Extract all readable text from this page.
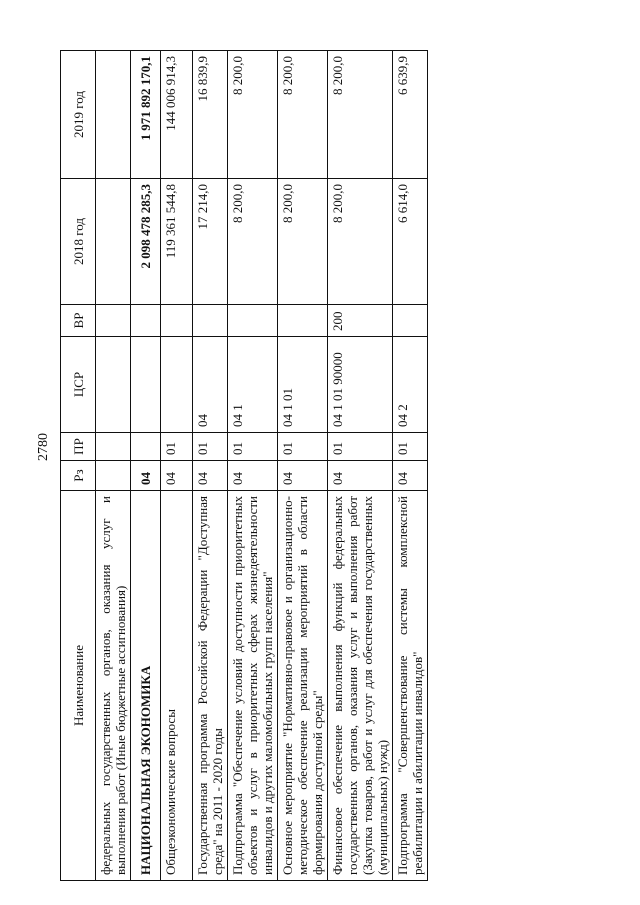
2780
Наименование	Рз	ПР	ЦСР	ВР	2018 год	2019 год
федеральных государственных органов, оказания услуг и выполнения работ (Иные бюджетные ассигнования)						
НАЦИОНАЛЬНАЯ ЭКОНОМИКА	04				2 098 478 285,3	1 971 892 170,1
Общеэкономические вопросы	04	01			119 361 544,8	144 006 914,3
Государственная программа Российской Федерации "Доступная среда" на 2011 - 2020 годы	04	01	04		17 214,0	16 839,9
Подпрограмма "Обеспечение условий доступности приоритетных объектов и услуг в приоритетных сферах жизнедеятельности инвалидов и других маломобильных групп населения"	04	01	04 1		8 200,0	8 200,0
Основное мероприятие "Нормативно-правовое и организационно-методическое обеспечение реализации мероприятий в области формирования доступной среды"	04	01	04 1 01		8 200,0	8 200,0
Финансовое обеспечение выполнения функций федеральных государственных органов, оказания услуг и выполнения работ (Закупка товаров, работ и услуг для обеспечения государственных (муниципальных) нужд)	04	01	04 1 01 90000	200	8 200,0	8 200,0
Подпрограмма "Совершенствование системы комплексной реабилитации и абилитации инвалидов"	04	01	04 2		6 614,0	6 639,9
